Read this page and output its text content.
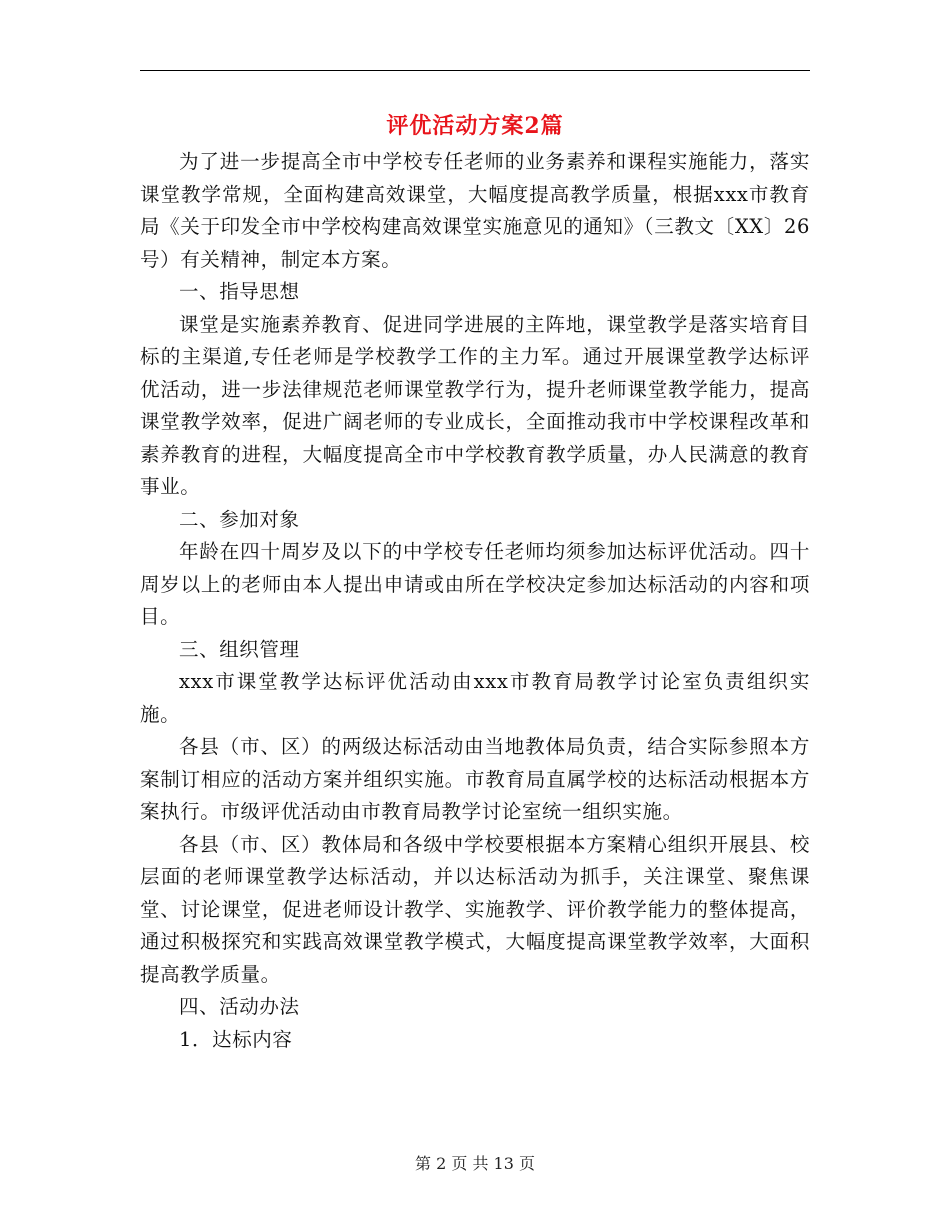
评优活动方案2篇

为了进一步提高全市中学校专任老师的业务素养和课程实施能力，落实课堂教学常规，全面构建高效课堂，大幅度提高教学质量，根据xxx市教育局《关于印发全市中学校构建高效课堂实施意见的通知》（三教文〔XX〕26号）有关精神，制定本方案。

一、指导思想

课堂是实施素养教育、促进同学进展的主阵地，课堂教学是落实培育目标的主渠道,专任老师是学校教学工作的主力军。通过开展课堂教学达标评优活动，进一步法律规范老师课堂教学行为，提升老师课堂教学能力，提高课堂教学效率，促进广阔老师的专业成长，全面推动我市中学校课程改革和素养教育的进程，大幅度提高全市中学校教育教学质量，办人民满意的教育事业。

二、参加对象

年龄在四十周岁及以下的中学校专任老师均须参加达标评优活动。四十周岁以上的老师由本人提出申请或由所在学校决定参加达标活动的内容和项目。

三、组织管理

xxx市课堂教学达标评优活动由xxx市教育局教学讨论室负责组织实施。

各县（市、区）的两级达标活动由当地教体局负责，结合实际参照本方案制订相应的活动方案并组织实施。市教育局直属学校的达标活动根据本方案执行。市级评优活动由市教育局教学讨论室统一组织实施。

各县（市、区）教体局和各级中学校要根据本方案精心组织开展县、校层面的老师课堂教学达标活动，并以达标活动为抓手，关注课堂、聚焦课堂、讨论课堂，促进老师设计教学、实施教学、评价教学能力的整体提高，通过积极探究和实践高效课堂教学模式，大幅度提高课堂教学效率，大面积提高教学质量。

四、活动办法

1．达标内容

第 2 页 共 13 页
